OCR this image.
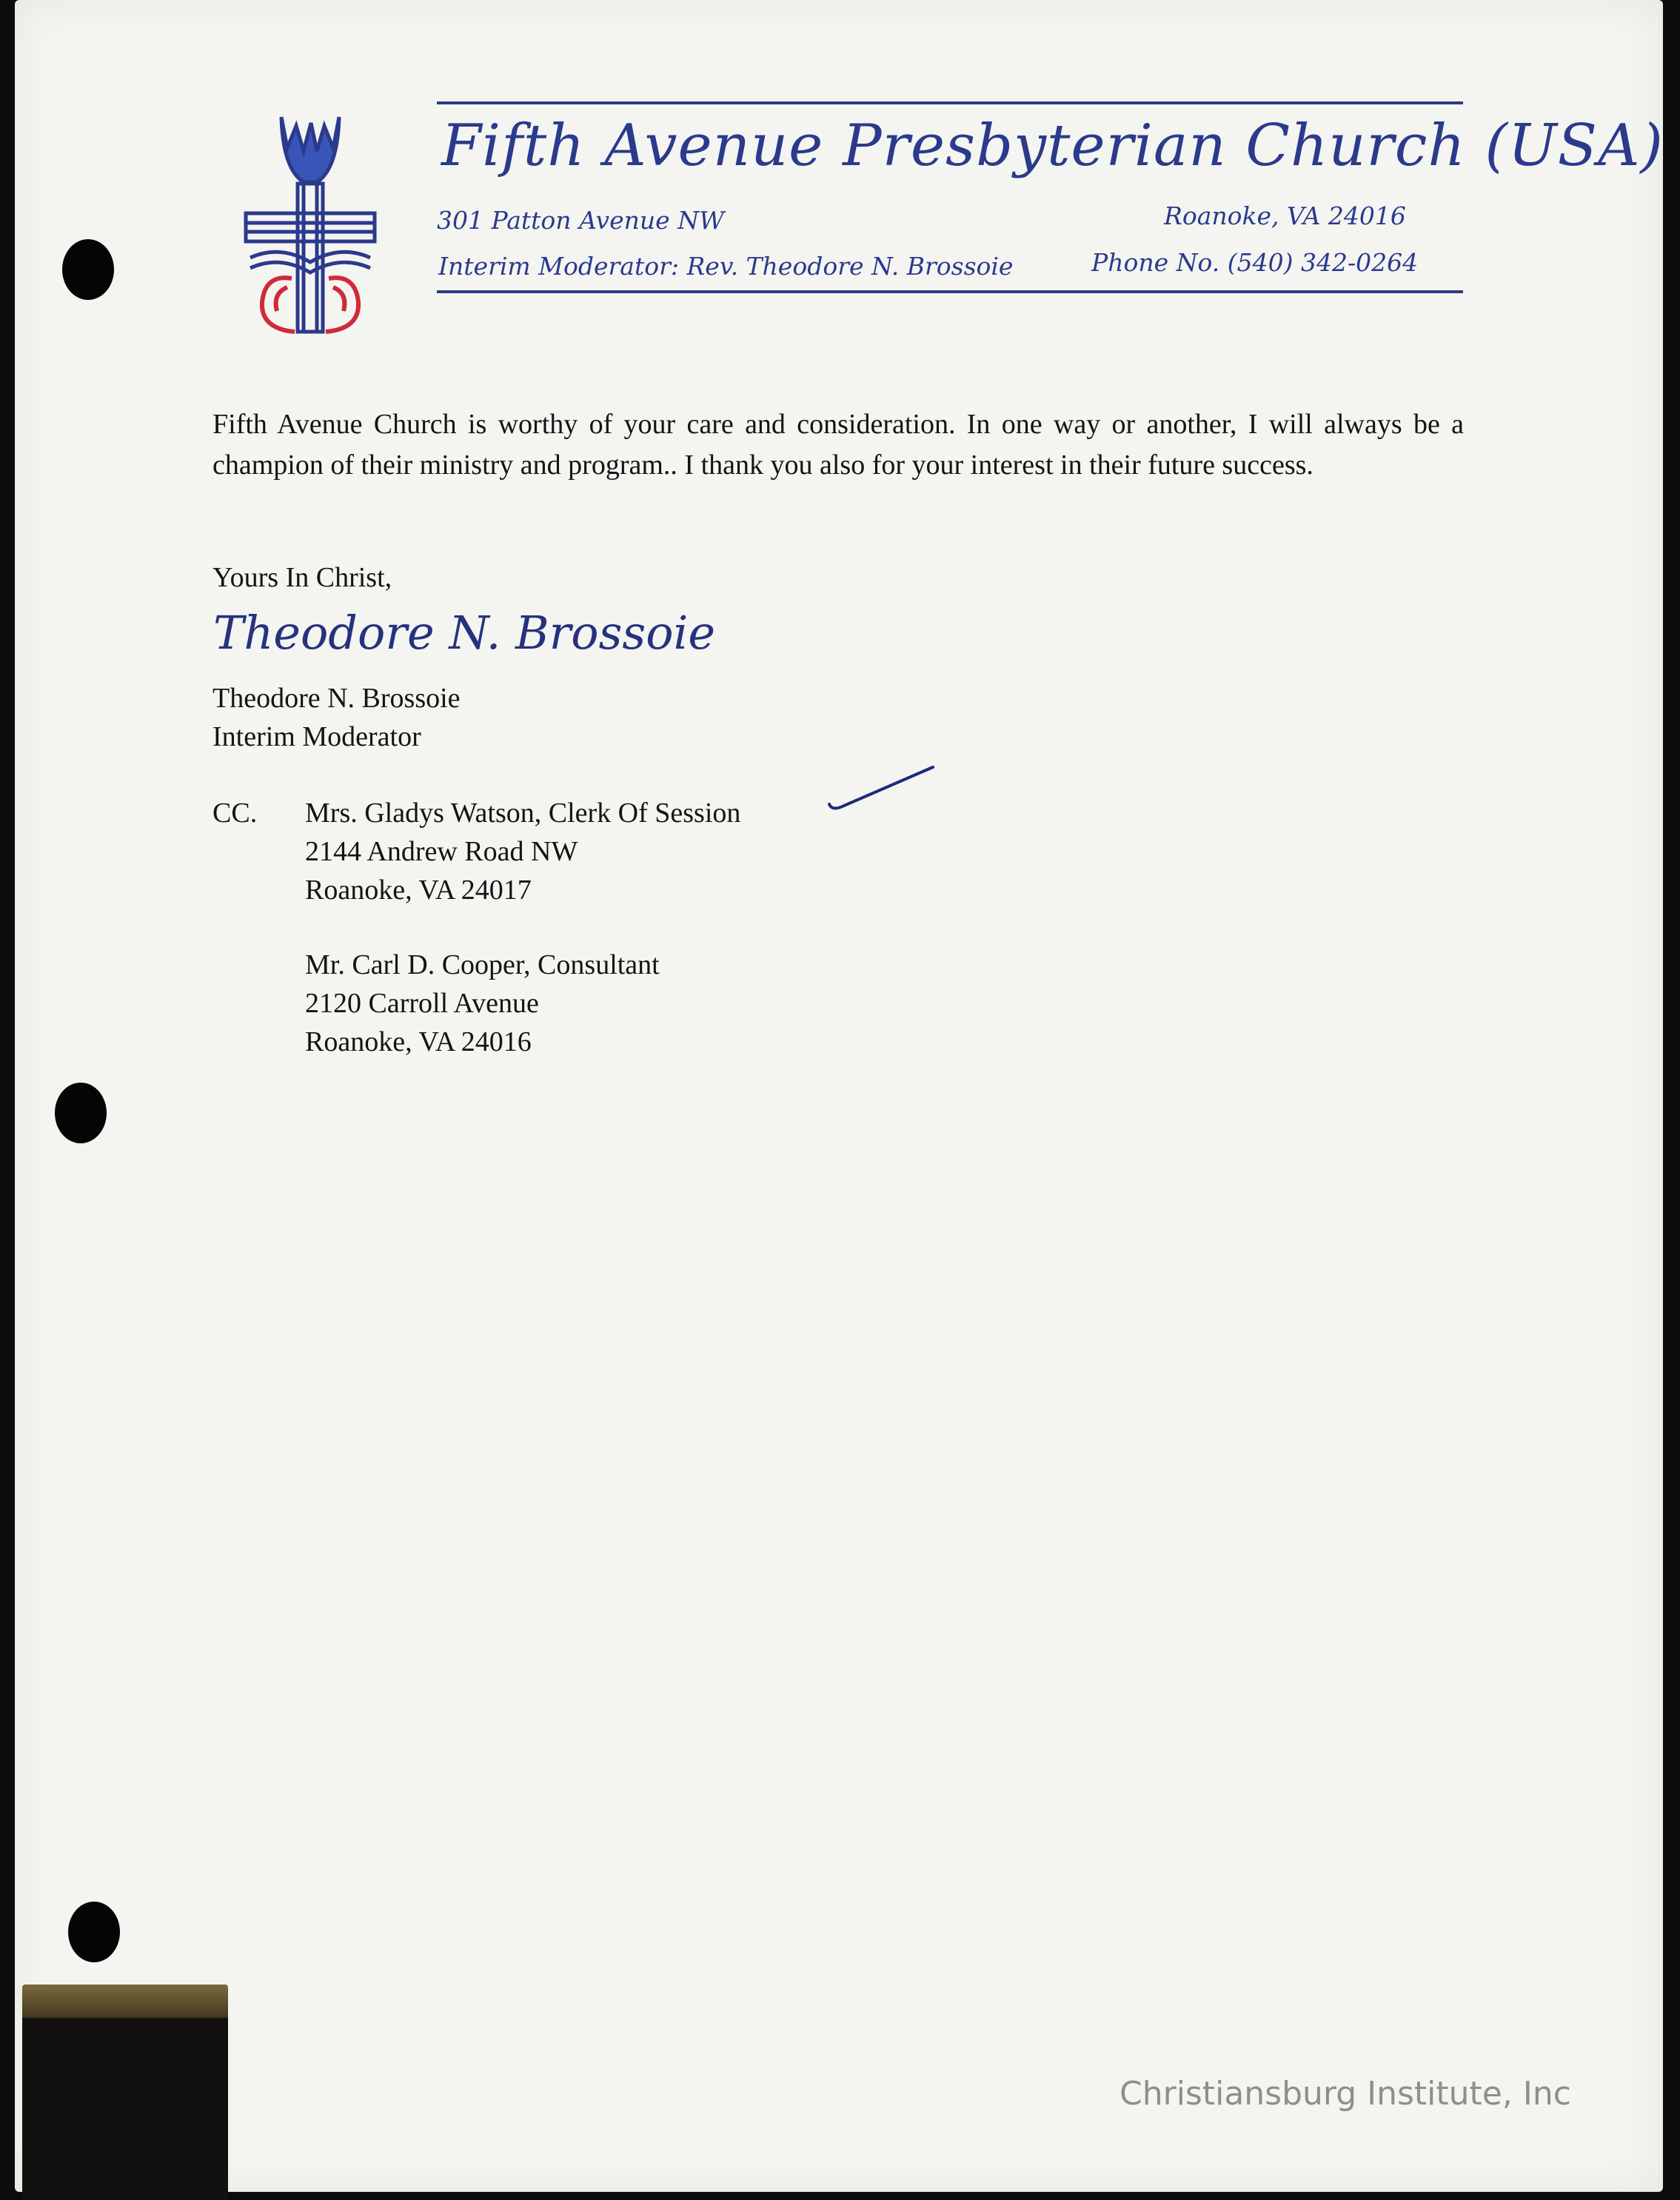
Fifth Avenue Presbyterian Church (USA)
301 Patton Avenue NW	Roanoke, VA 24016
Interim Moderator: Rev. Theodore N. Brossoie	Phone No. (540) 342-0264
Fifth Avenue Church is worthy of your care and consideration. In one way or another, I will always be a champion of their ministry and program.. I thank you also for your interest in their future success.
Yours In Christ,
Theodore N. Brossoie
Theodore N. Brossoie
Interim Moderator
CC. Mrs. Gladys Watson, Clerk Of Session
2144 Andrew Road NW
Roanoke, VA 24017
Mr. Carl D. Cooper, Consultant
2120 Carroll Avenue
Roanoke, VA 24016
Christiansburg Institute, Inc
